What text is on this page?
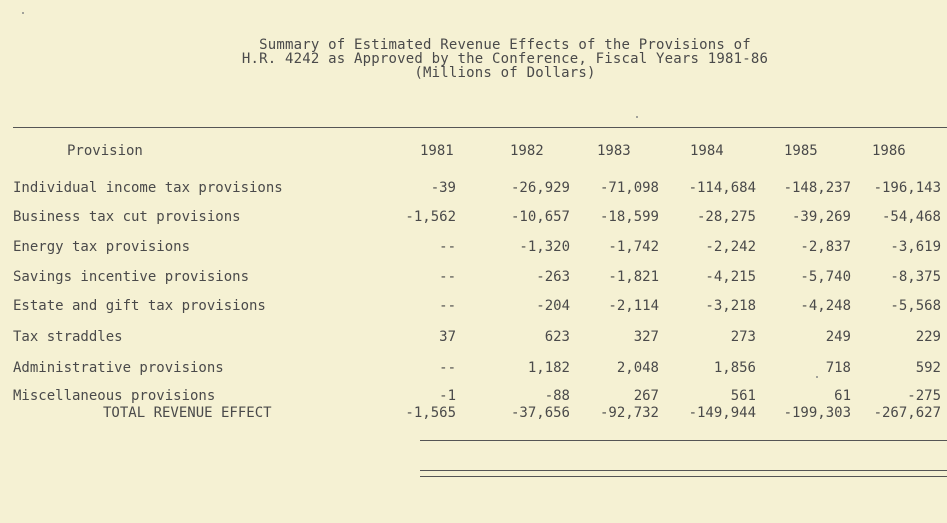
Summary of Estimated Revenue Effects of the Provisions of
H.R. 4242 as Approved by the Conference, Fiscal Years 1981-86
(Millions of Dollars)
Provision	1981	1982	1983	1984	1985	1986
Individual income tax provisions	-39	-26,929 -71,098 -114,684 -148,237 -196,143
Business tax cut provisions	-1,562	-10,657 -18,599	-28,275	-39,269 -54,468
Energy tax provisions	--	-1,320	-1,742	-2,242	-2,837	-3,619
Savings incentive provisions	--	-263	-1,821	-4,215	-5,740	-8,375
Estate and gift tax provisions	--	-204	-2,114	-3,218	-4,248	-5,568
Tax straddles	37	623	327	273	249	229
Administrative provisions	--	1,182	2,048	1,856	718	592
Miscellaneous provisions	-1	-88	267	561	61	-275
TOTAL REVENUE EFFECT	-1,565	-37,656 -92,732 -149,944 -199,303 -267,627
